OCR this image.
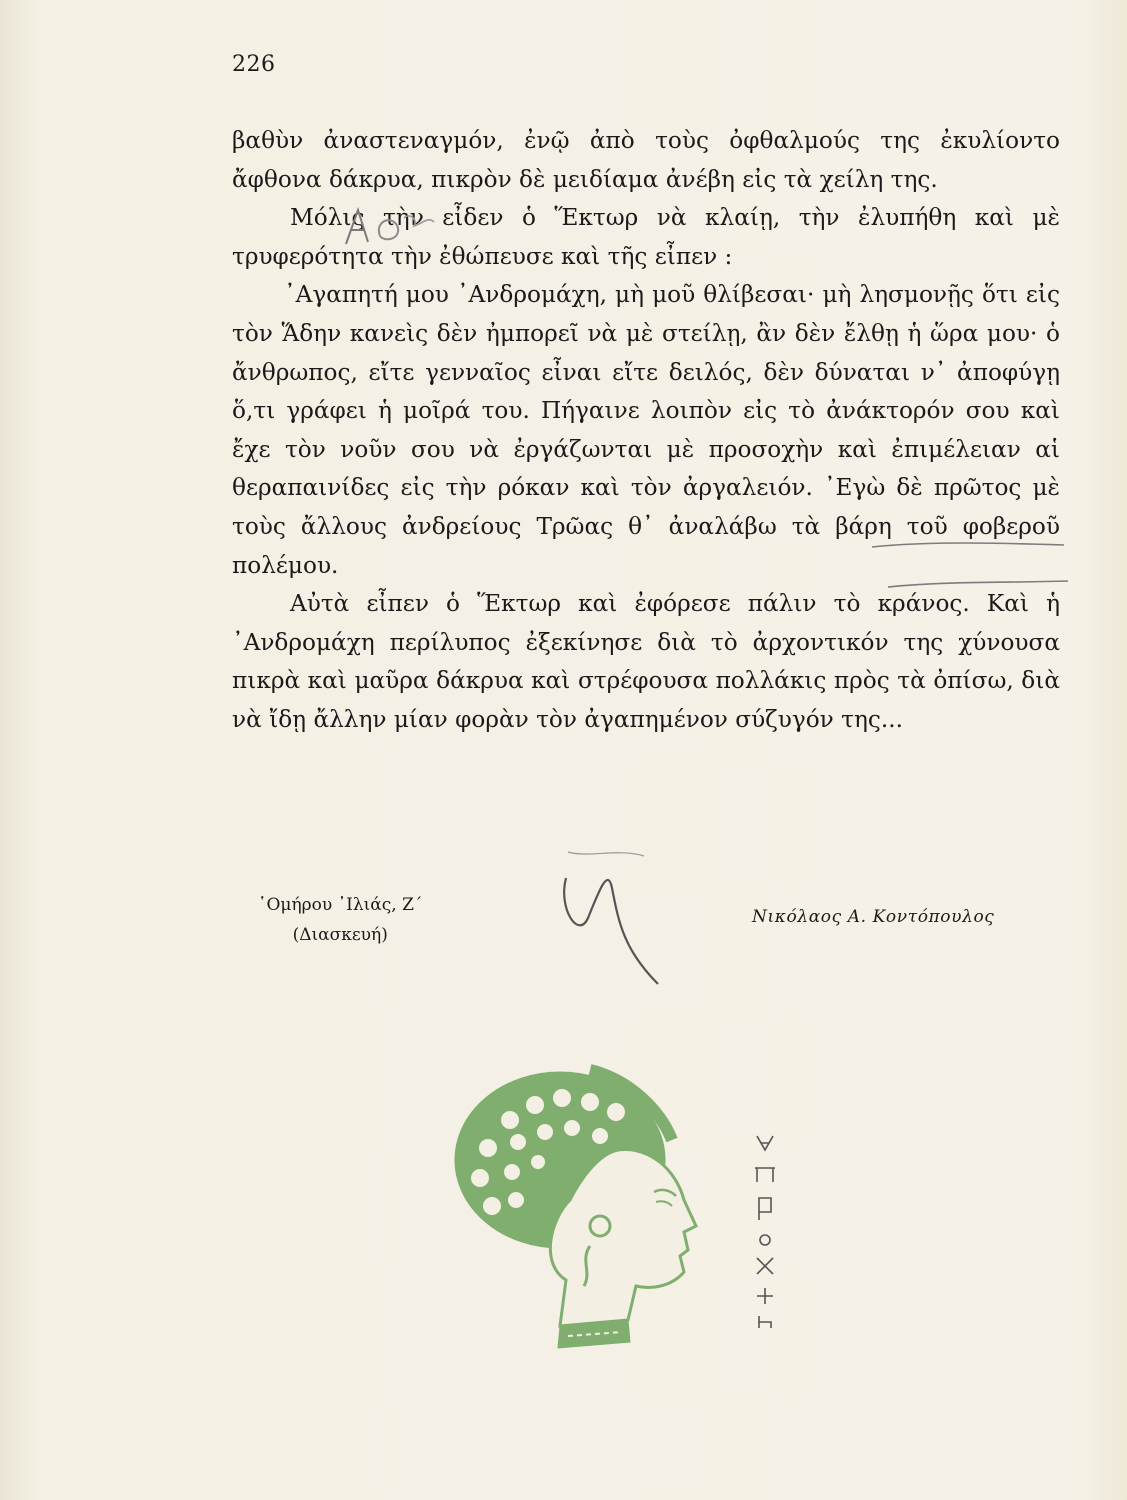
226

βαθὺν ἀναστεναγμόν, ἐνῷ ἀπὸ τοὺς ὀφθαλμούς της ἐκυλίοντο ἄφθονα δάκρυα, πικρὸν δὲ μειδίαμα ἀνέβη εἰς τὰ χείλη της.

Μόλις τὴν εἶδεν ὁ Ἕκτωρ νὰ κλαίῃ, τὴν ἐλυπήθη καὶ μὲ τρυφερότητα τὴν ἐθώπευσε καὶ τῆς εἶπεν :

᾿Αγαπητή μου ᾿Ανδρομάχη, μὴ μοῦ θλίβεσαι· μὴ λησμονῇς ὅτι εἰς τὸν Ἅδην κανεὶς δὲν ἠμπορεῖ νὰ μὲ στείλῃ, ἂν δὲν ἔλθῃ ἡ ὥρα μου· ὁ ἄνθρωπος, εἴτε γενναῖος εἶναι εἴτε δειλός, δὲν δύναται ν᾿ ἀποφύγῃ ὅ,τι γράφει ἡ μοῖρά του. Πήγαινε λοιπὸν εἰς τὸ ἀνάκτορόν σου καὶ ἔχε τὸν νοῦν σου νὰ ἐργάζωνται μὲ προσοχὴν καὶ ἐπιμέλειαν αἱ θεραπαινίδες εἰς τὴν ρόκαν καὶ τὸν ἀργαλειόν. ᾿Εγὼ δὲ πρῶτος μὲ τοὺς ἄλλους ἀνδρείους Τρῶας θ᾿ ἀναλάβω τὰ βάρη τοῦ φοβεροῦ πολέμου.

Αὐτὰ εἶπεν ὁ Ἕκτωρ καὶ ἐφόρεσε πάλιν τὸ κράνος. Καὶ ἡ ᾿Ανδρομάχη περίλυπος ἐξεκίνησε διὰ τὸ ἀρχοντικόν της χύνουσα πικρὰ καὶ μαῦρα δάκρυα καὶ στρέφουσα πολλάκις πρὸς τὰ ὀπίσω, διὰ νὰ ἴδῃ ἄλλην μίαν φορὰν τὸν ἀγαπημένον σύζυγόν της...

῾Ομήρου ᾿Ιλιάς, Ζ΄
(Διασκευή)
Νικόλαος Α. Κοντόπουλος
